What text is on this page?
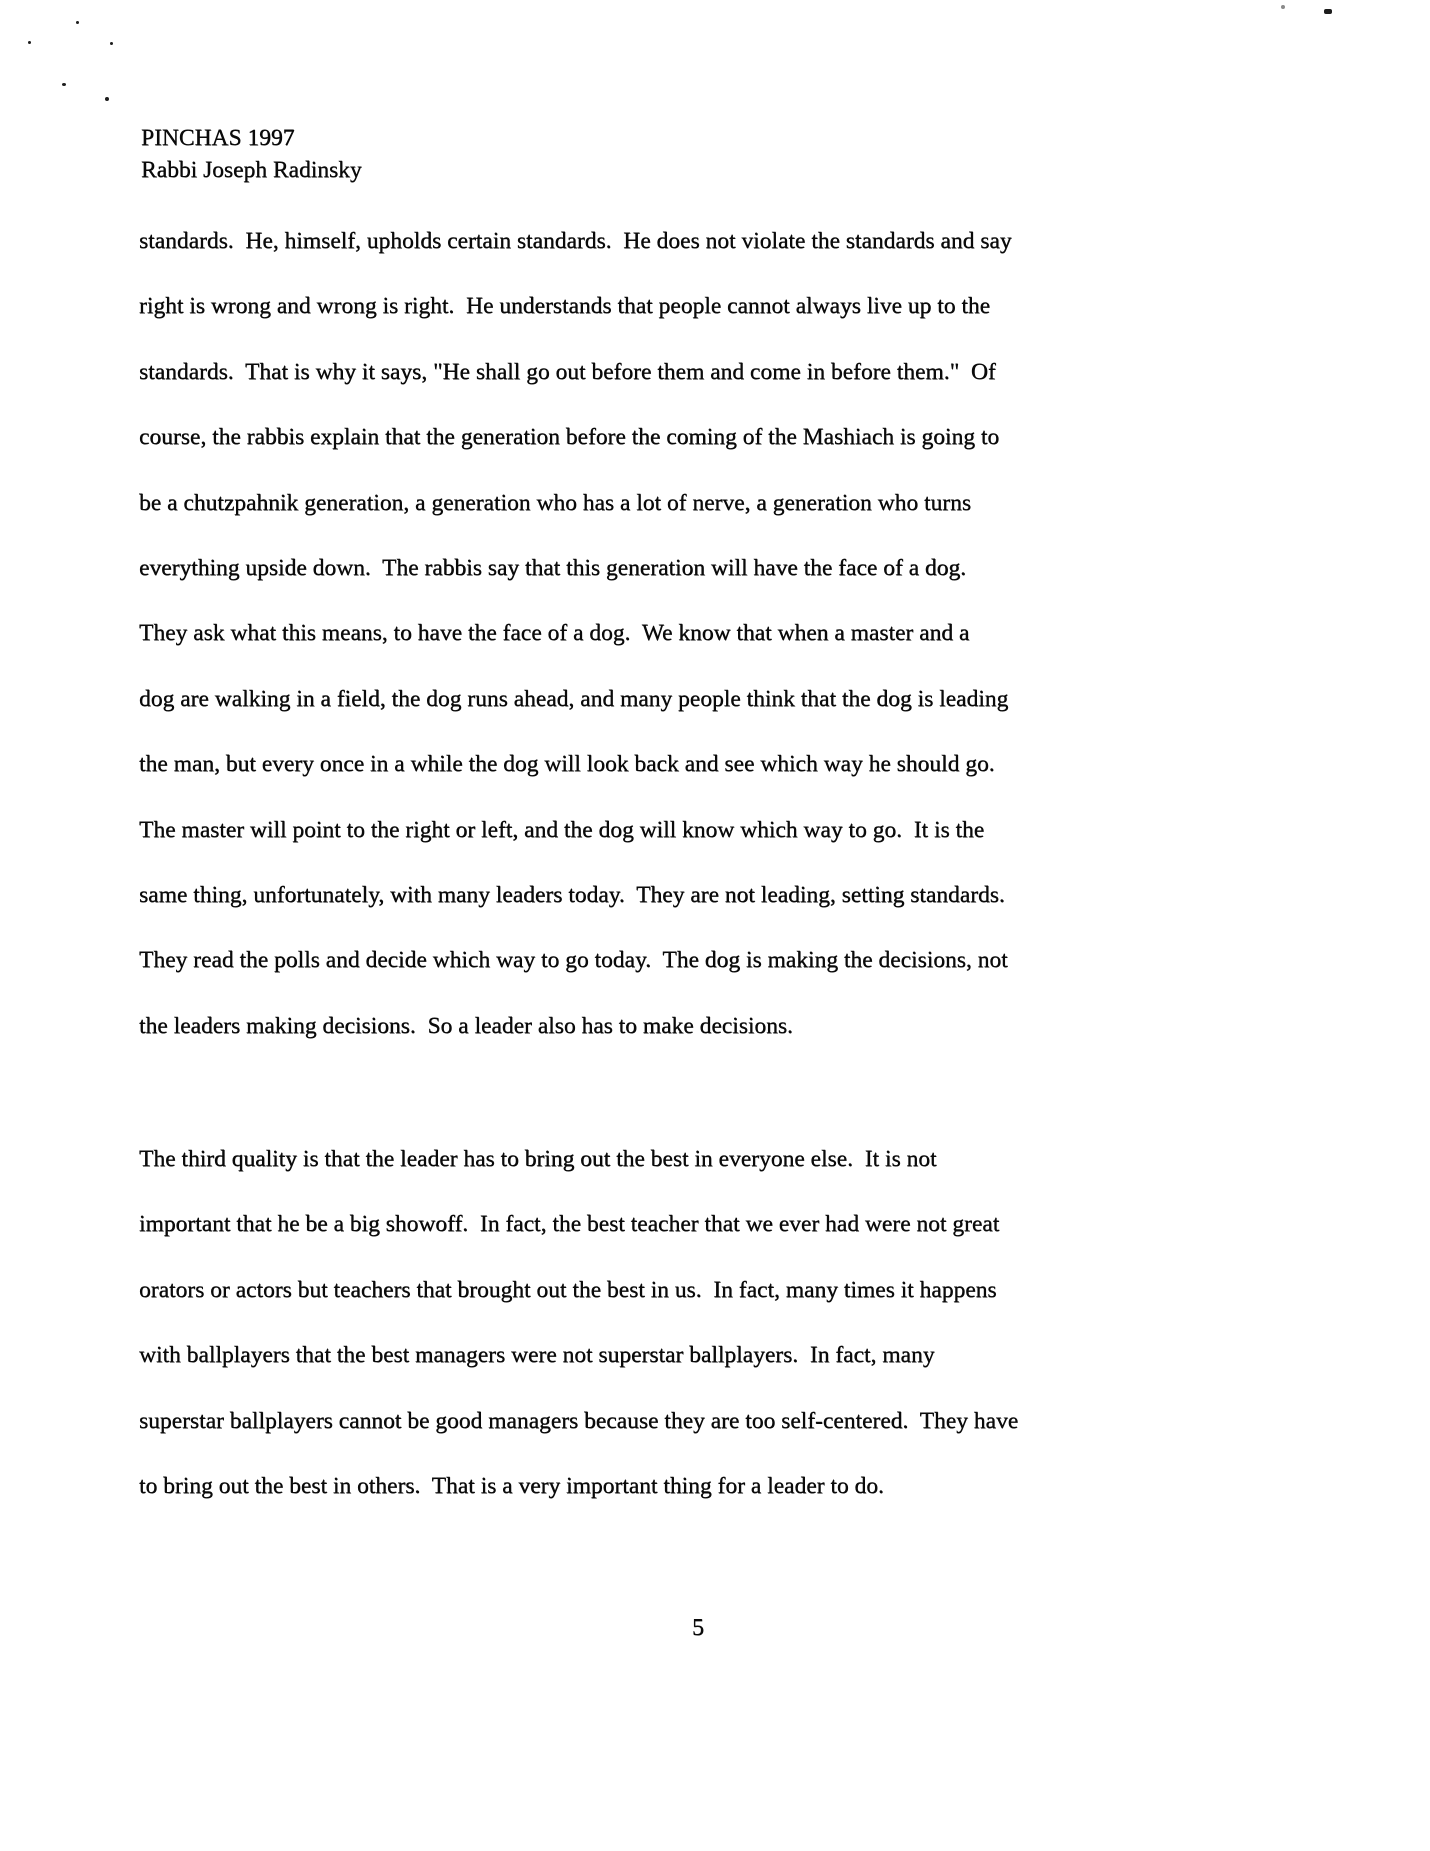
PINCHAS 1997
Rabbi Joseph Radinsky
standards.  He, himself, upholds certain standards.  He does not violate the standards and say
right is wrong and wrong is right.  He understands that people cannot always live up to the
standards.  That is why it says, "He shall go out before them and come in before them."  Of
course, the rabbis explain that the generation before the coming of the Mashiach is going to
be a chutzpahnik generation, a generation who has a lot of nerve, a generation who turns
everything upside down.  The rabbis say that this generation will have the face of a dog.
They ask what this means, to have the face of a dog.  We know that when a master and a
dog are walking in a field, the dog runs ahead, and many people think that the dog is leading
the man, but every once in a while the dog will look back and see which way he should go.
The master will point to the right or left, and the dog will know which way to go.  It is the
same thing, unfortunately, with many leaders today.  They are not leading, setting standards.
They read the polls and decide which way to go today.  The dog is making the decisions, not
the leaders making decisions.  So a leader also has to make decisions.
The third quality is that the leader has to bring out the best in everyone else.  It is not
important that he be a big showoff.  In fact, the best teacher that we ever had were not great
orators or actors but teachers that brought out the best in us.  In fact, many times it happens
with ballplayers that the best managers were not superstar ballplayers.  In fact, many
superstar ballplayers cannot be good managers because they are too self-centered.  They have
to bring out the best in others.  That is a very important thing for a leader to do.
5
